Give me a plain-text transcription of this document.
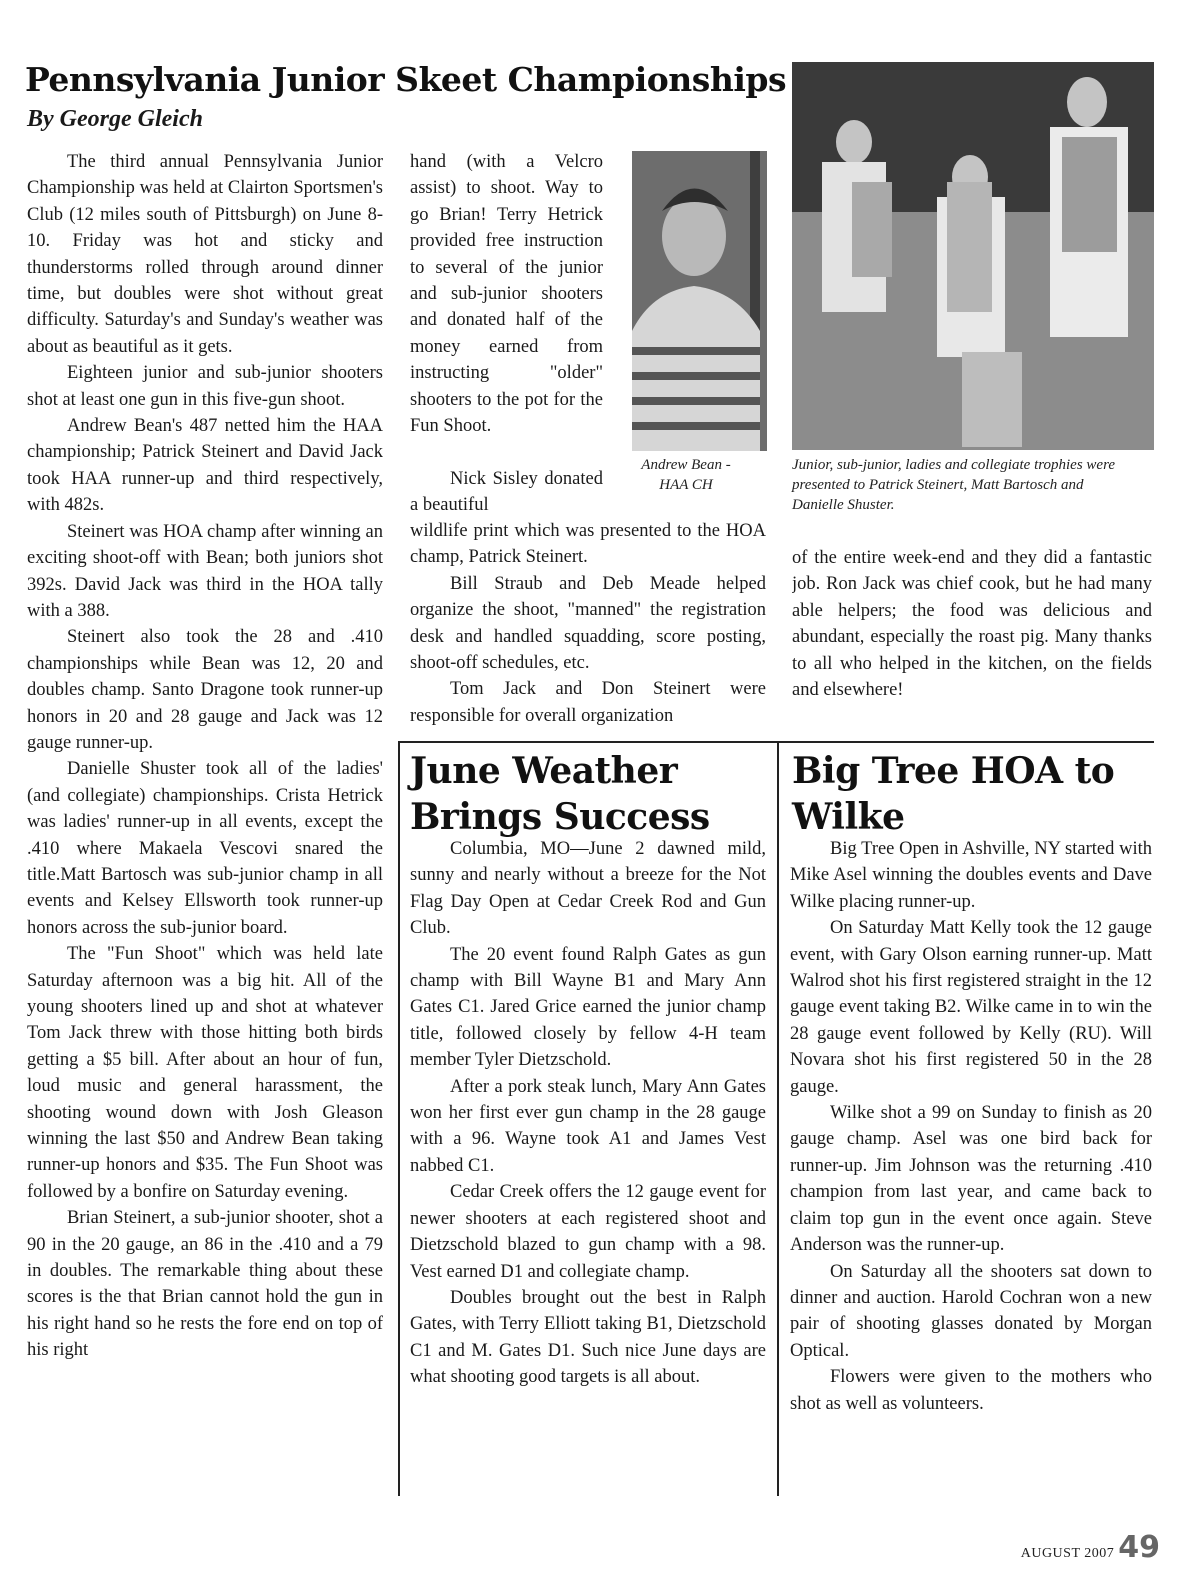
Pennsylvania Junior Skeet Championships
By George Gleich

The third annual Pennsylvania Junior Championship was held at Clairton Sportsmen's Club (12 miles south of Pittsburgh) on June 8-10. Friday was hot and sticky and thunderstorms rolled through around dinner time, but doubles were shot without great difficulty. Saturday's and Sunday's weather was about as beautiful as it gets.

Eighteen junior and sub-junior shooters shot at least one gun in this five-gun shoot.

Andrew Bean's 487 netted him the HAA championship; Patrick Steinert and David Jack took HAA runner-up and third respectively, with 482s.

Steinert was HOA champ after winning an exciting shoot-off with Bean; both juniors shot 392s. David Jack was third in the HOA tally with a 388.

Steinert also took the 28 and .410 championships while Bean was 12, 20 and doubles champ. Santo Dragone took runner-up honors in 20 and 28 gauge and Jack was 12 gauge runner-up.

Danielle Shuster took all of the ladies' (and collegiate) championships. Crista Hetrick was ladies' runner-up in all events, except the .410 where Makaela Vescovi snared the title.Matt Bartosch was sub-junior champ in all events and Kelsey Ellsworth took runner-up honors across the sub-junior board.

The "Fun Shoot" which was held late Saturday afternoon was a big hit. All of the young shooters lined up and shot at whatever Tom Jack threw with those hitting both birds getting a $5 bill. After about an hour of fun, loud music and general harassment, the shooting wound down with Josh Gleason winning the last $50 and Andrew Bean taking runner-up honors and $35. The Fun Shoot was followed by a bonfire on Saturday evening.

Brian Steinert, a sub-junior shooter, shot a 90 in the 20 gauge, an 86 in the .410 and a 79 in doubles. The remarkable thing about these scores is the that Brian cannot hold the gun in his right hand so he rests the fore end on top of his right

hand (with a Velcro assist) to shoot. Way to go Brian! Terry Hetrick provided free instruction to several of the junior and sub-junior shooters and donated half of the money earned from instructing "older" shooters to the pot for the Fun Shoot.

Nick Sisley donated a beautiful

Andrew Bean - HAA CH

wildlife print which was presented to the HOA champ, Patrick Steinert.

Bill Straub and Deb Meade helped organize the shoot, "manned" the registration desk and handled squadding, score posting, shoot-off schedules, etc.

Tom Jack and Don Steinert were responsible for overall organization

Junior, sub-junior, ladies and collegiate trophies were presented to Patrick Steinert, Matt Bartosch and Danielle Shuster.

of the entire week-end and they did a fantastic job. Ron Jack was chief cook, but he had many able helpers; the food was delicious and abundant, especially the roast pig. Many thanks to all who helped in the kitchen, on the fields and elsewhere!

June Weather
Brings Success

Columbia, MO—June 2 dawned mild, sunny and nearly without a breeze for the Not Flag Day Open at Cedar Creek Rod and Gun Club.

The 20 event found Ralph Gates as gun champ with Bill Wayne B1 and Mary Ann Gates C1. Jared Grice earned the junior champ title, followed closely by fellow 4-H team member Tyler Dietzschold.

After a pork steak lunch, Mary Ann Gates won her first ever gun champ in the 28 gauge with a 96. Wayne took A1 and James Vest nabbed C1.

Cedar Creek offers the 12 gauge event for newer shooters at each registered shoot and Dietzschold blazed to gun champ with a 98. Vest earned D1 and collegiate champ.

Doubles brought out the best in Ralph Gates, with Terry Elliott taking B1, Dietzschold C1 and M. Gates D1. Such nice June days are what shooting good targets is all about.

Big Tree HOA to
Wilke

Big Tree Open in Ashville, NY started with Mike Asel winning the doubles events and Dave Wilke placing runner-up.

On Saturday Matt Kelly took the 12 gauge event, with Gary Olson earning runner-up. Matt Walrod shot his first registered straight in the 12 gauge event taking B2. Wilke came in to win the 28 gauge event followed by Kelly (RU). Will Novara shot his first registered 50 in the 28 gauge.

Wilke shot a 99 on Sunday to finish as 20 gauge champ. Asel was one bird back for runner-up. Jim Johnson was the returning .410 champion from last year, and came back to claim top gun in the event once again. Steve Anderson was the runner-up.

On Saturday all the shooters sat down to dinner and auction. Harold Cochran won a new pair of shooting glasses donated by Morgan Optical.

Flowers were given to the mothers who shot as well as volunteers.

AUGUST 2007 49
